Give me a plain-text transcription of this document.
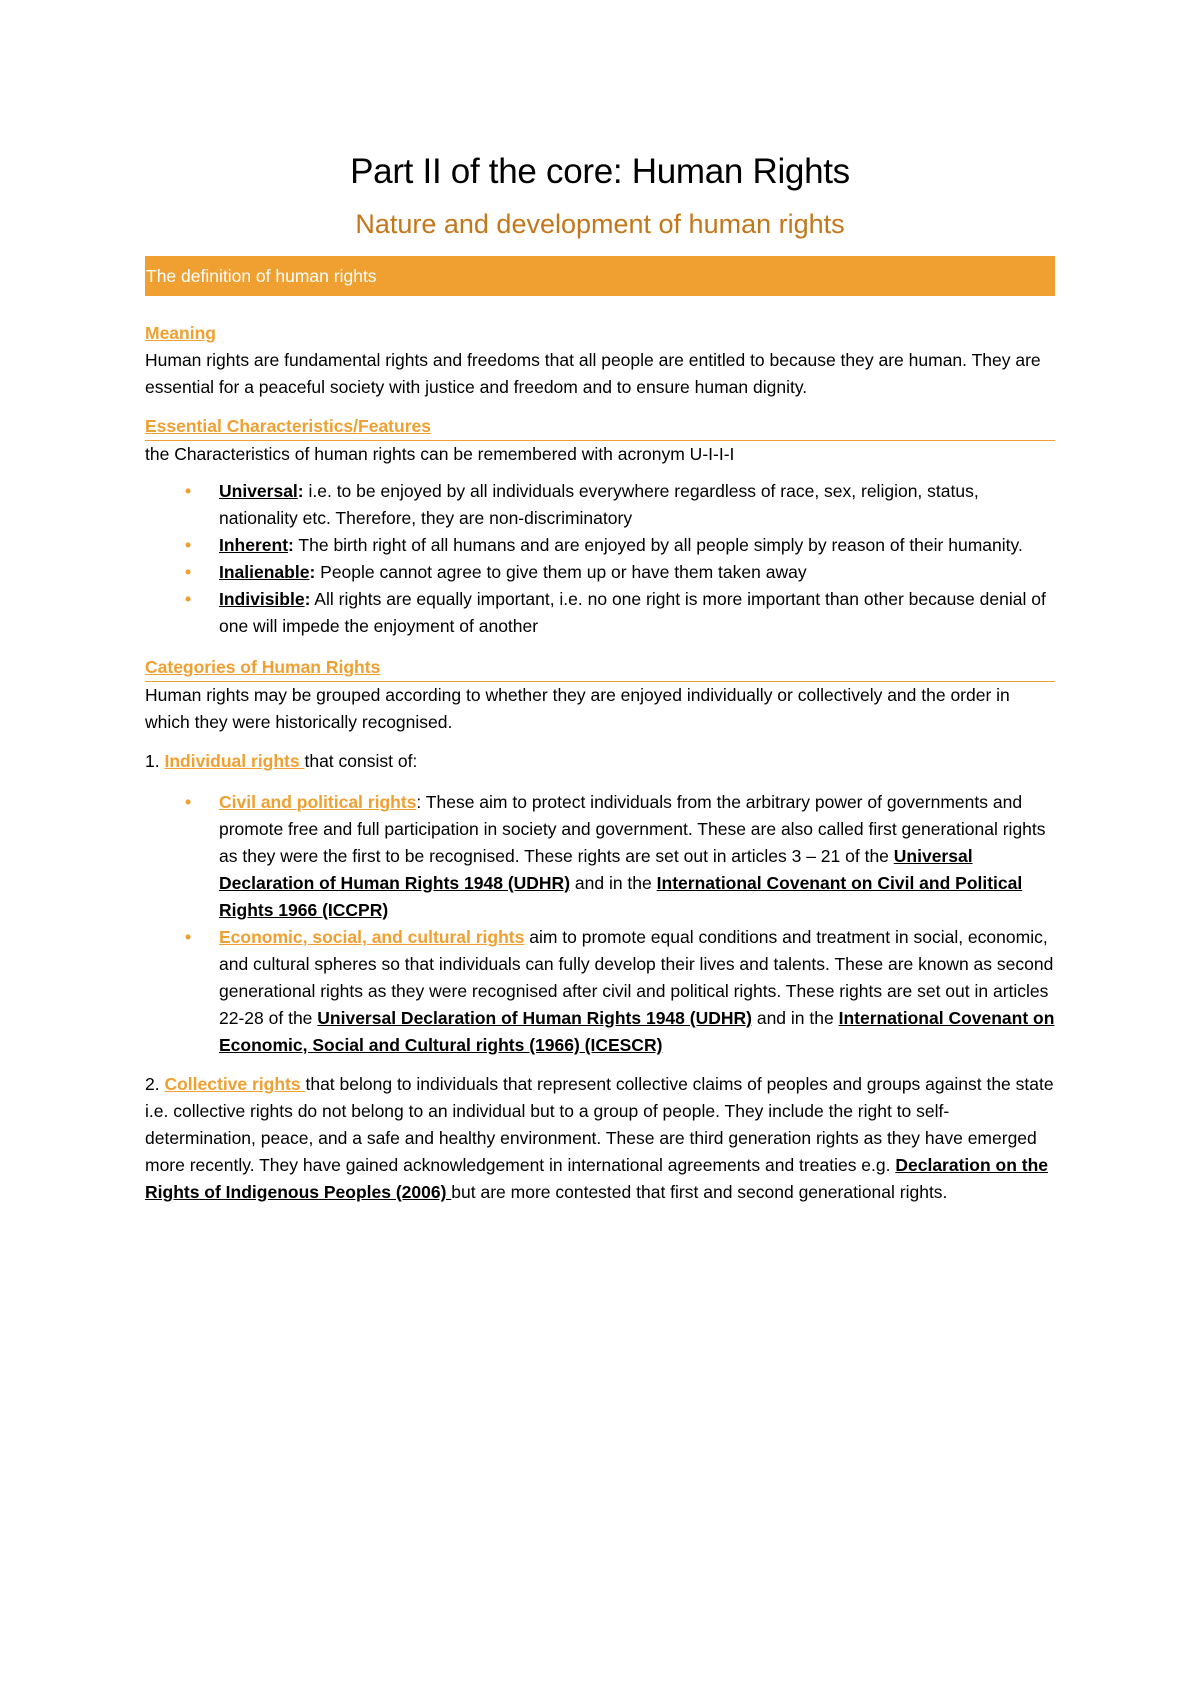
Part II of the core: Human Rights
Nature and development of human rights
The definition of human rights
Meaning

Human rights are fundamental rights and freedoms that all people are entitled to because they are human. They are essential for a peaceful society with justice and freedom and to ensure human dignity.

Essential Characteristics/Features

the Characteristics of human rights can be remembered with acronym U-I-I-I

• Universal: i.e. to be enjoyed by all individuals everywhere regardless of race, sex, religion, status, nationality etc. Therefore, they are non-discriminatory
• Inherent: The birth right of all humans and are enjoyed by all people simply by reason of their humanity.
• Inalienable: People cannot agree to give them up or have them taken away
• Indivisible: All rights are equally important, i.e. no one right is more important than other because denial of one will impede the enjoyment of another
Categories of Human Rights

Human rights may be grouped according to whether they are enjoyed individually or collectively and the order in which they were historically recognised.

1. Individual rights that consist of:

• Civil and political rights: These aim to protect individuals from the arbitrary power of governments and promote free and full participation in society and government. These are also called first generational rights as they were the first to be recognised. These rights are set out in articles 3 – 21 of the Universal Declaration of Human Rights 1948 (UDHR) and in the International Covenant on Civil and Political Rights 1966 (ICCPR)
• Economic, social, and cultural rights aim to promote equal conditions and treatment in social, economic, and cultural spheres so that individuals can fully develop their lives and talents. These are known as second generational rights as they were recognised after civil and political rights. These rights are set out in articles 22-28 of the Universal Declaration of Human Rights 1948 (UDHR) and in the International Covenant on Economic, Social and Cultural rights (1966) (ICESCR)

2. Collective rights that belong to individuals that represent collective claims of peoples and groups against the state i.e. collective rights do not belong to an individual but to a group of people. They include the right to self-determination, peace, and a safe and healthy environment. These are third generation rights as they have emerged more recently. They have gained acknowledgement in international agreements and treaties e.g. Declaration on the Rights of Indigenous Peoples (2006) but are more contested that first and second generational rights.
